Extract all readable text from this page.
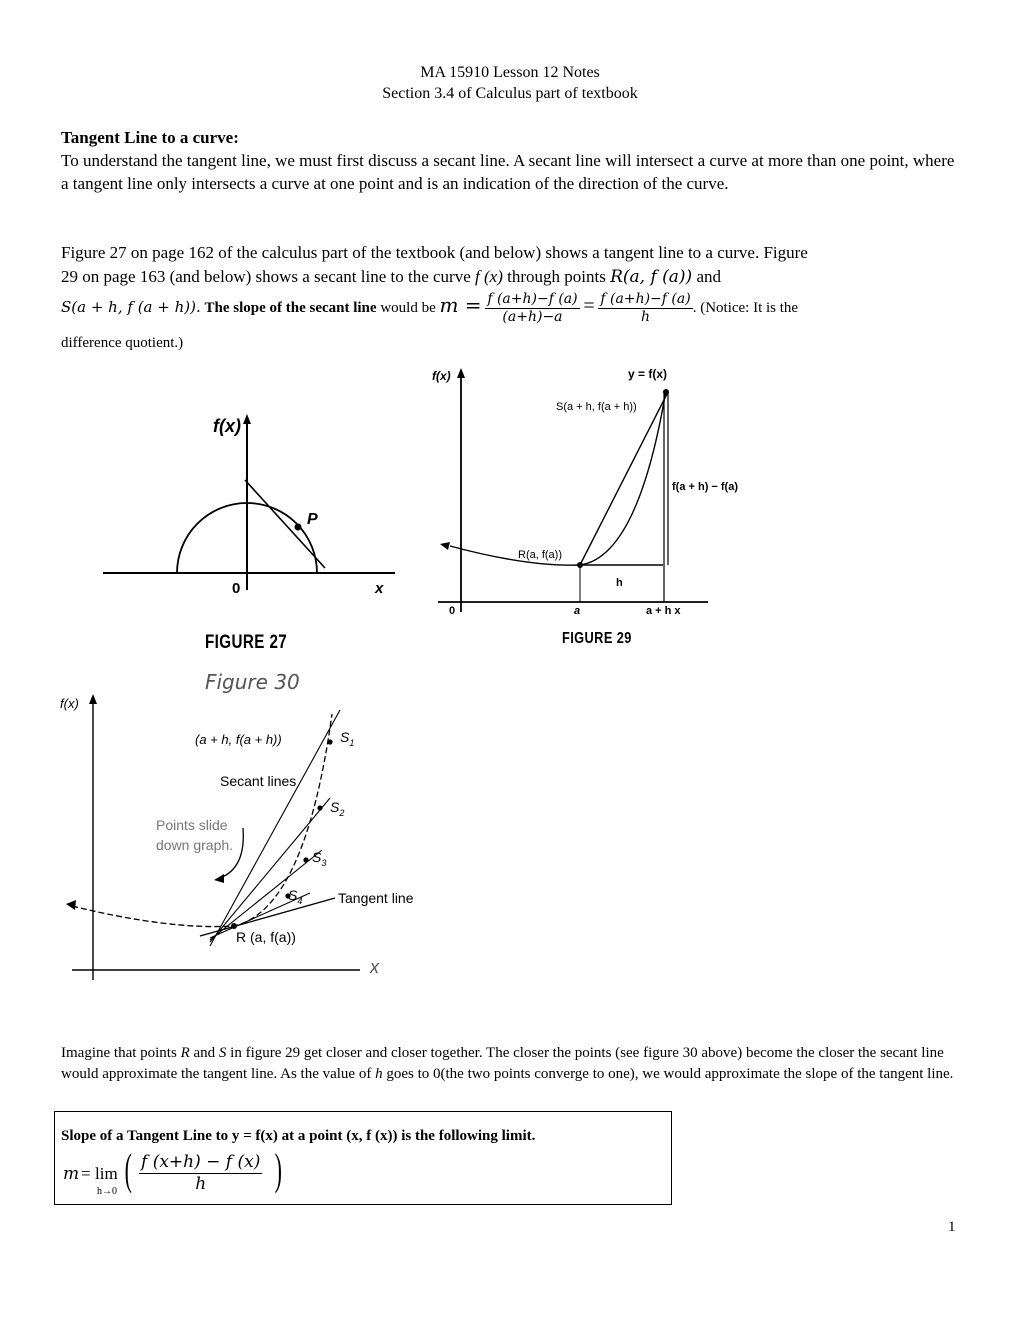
MA 15910 Lesson 12 Notes
Section 3.4 of Calculus part of textbook
Tangent Line to a curve:
To understand the tangent line, we must first discuss a secant line. A secant line will intersect a curve at more than one point, where a tangent line only intersects a curve at one point and is an indication of the direction of the curve.
Figure 27 on page 162 of the calculus part of the textbook (and below) shows a tangent line to a curve. Figure
29 on page 163 (and below) shows a secant line to the curve f (x) through points R(a, f (a)) and
S(a + h, f (a + h)). The slope of the secant line would be $m = \frac{f (a+h)-f (a)}{(a+h)-a} = \frac{f (a+h)-f (a)}{h}$ . (Notice: It is the
difference quotient.)
f(x)
P
0	x
FIGURE 27
f(x)	y = f(x)
S(a + h, f(a + h))
f(a + h) − f(a)
R(a, f(a))
h
0	a	a + h x
FIGURE 29
Figure 30
f(x)
(a + h, f(a + h))	$S_1$
Secant lines
$S_2$
Points slide
down graph.
$S_3$
$S_4$	Tangent line
R (a, f(a))
x
Imagine that points R and S in figure 29 get closer and closer together. The closer the points (see figure 30 above) become the closer the secant line would approximate the tangent line. As the value of h goes to 0(the two points converge to one), we would approximate the slope of the tangent line.
Slope of a Tangent Line to y = f(x) at a point (x, f (x)) is the following limit.
m = lim
h→0 ( $\frac{f (x+h) - f (x)}{h}$ )
1
